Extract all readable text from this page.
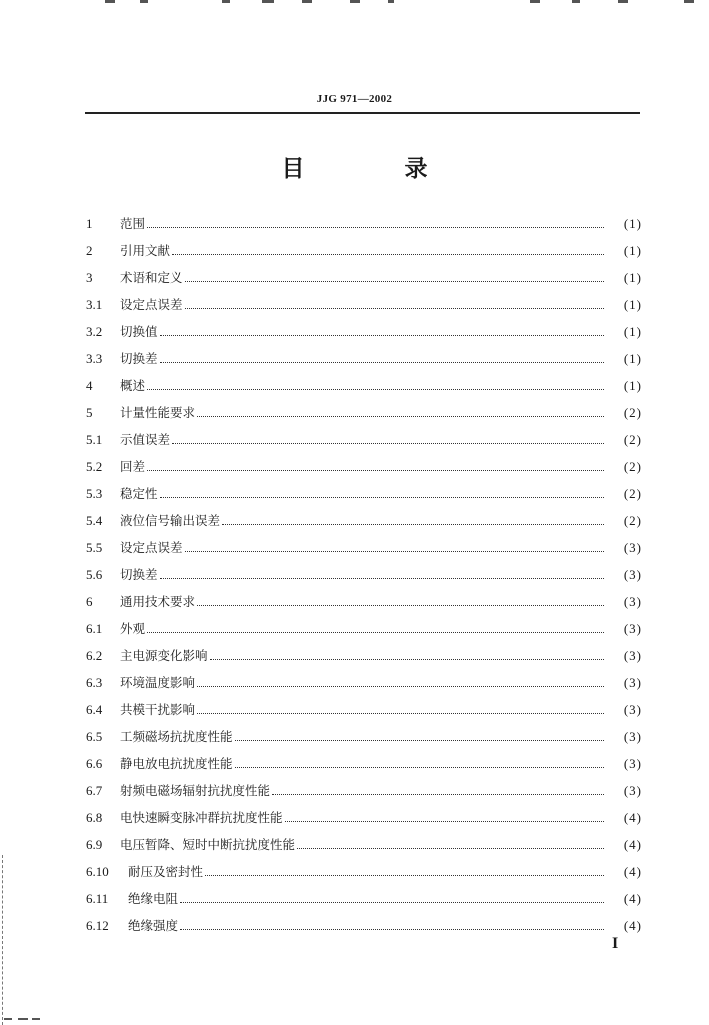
JJG 971—2002
目 录
1	范围	(1)
2	引用文献	(1)
3	术语和定义	(1)
3.1	设定点误差	(1)
3.2	切换值	(1)
3.3	切换差	(1)
4	概述	(1)
5	计量性能要求	(2)
5.1	示值误差	(2)
5.2	回差	(2)
5.3	稳定性	(2)
5.4	液位信号输出误差	(2)
5.5	设定点误差	(3)
5.6	切换差	(3)
6	通用技术要求	(3)
6.1	外观	(3)
6.2	主电源变化影响	(3)
6.3	环境温度影响	(3)
6.4	共模干扰影响	(3)
6.5	工频磁场抗扰度性能	(3)
6.6	静电放电抗扰度性能	(3)
6.7	射频电磁场辐射抗扰度性能	(3)
6.8	电快速瞬变脉冲群抗扰度性能	(4)
6.9	电压暂降、短时中断抗扰度性能	(4)
6.10	耐压及密封性	(4)
6.11	绝缘电阻	(4)
6.12	绝缘强度	(4)
I
